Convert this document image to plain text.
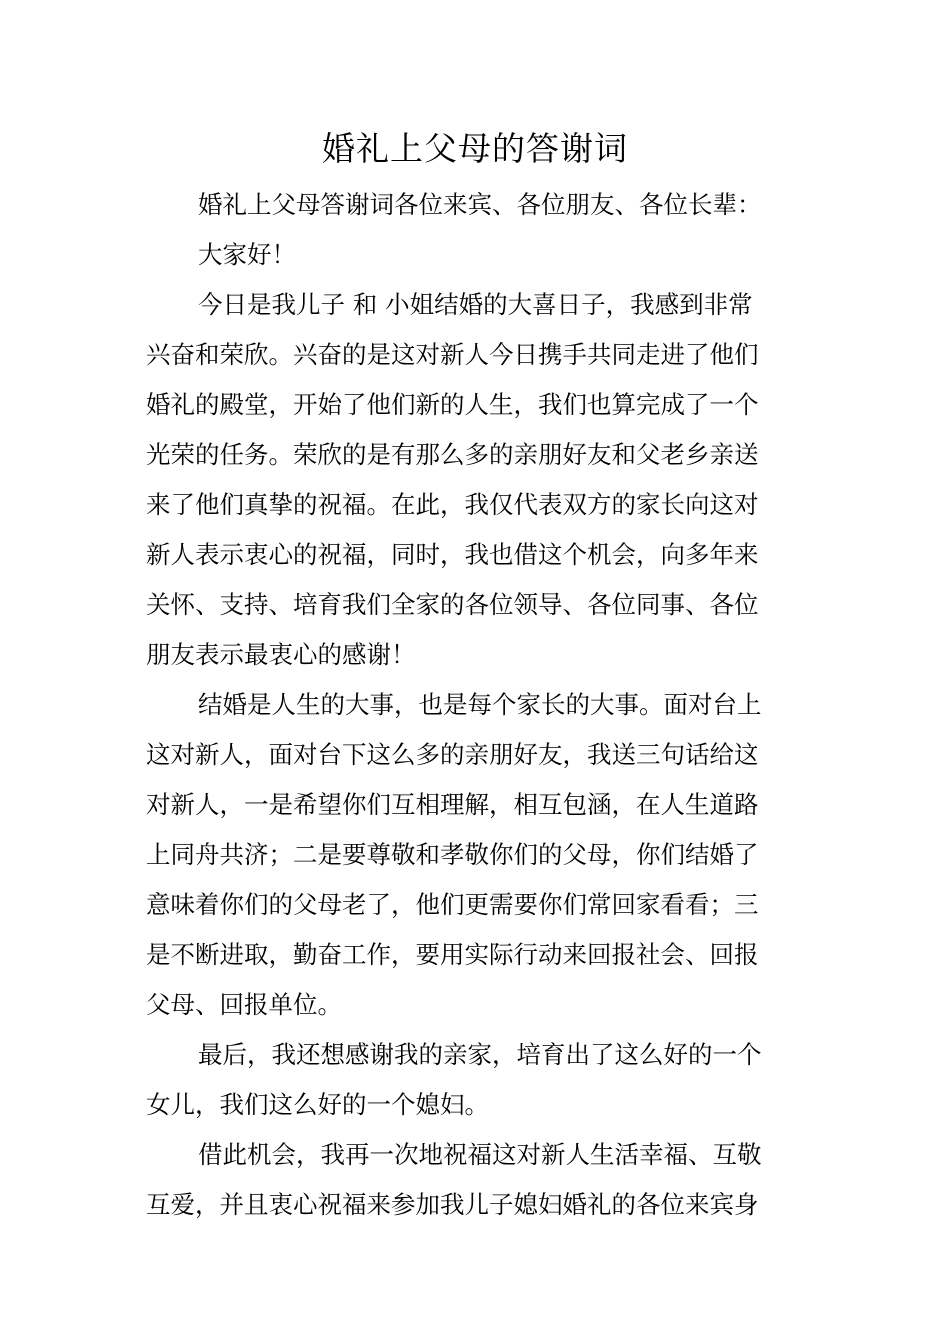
婚礼上父母的答谢词
婚礼上父母答谢词各位来宾、各位朋友、各位长辈：
大家好！
今日是我儿子 和 小姐结婚的大喜日子，我感到非常
兴奋和荣欣。兴奋的是这对新人今日携手共同走进了他们
婚礼的殿堂，开始了他们新的人生，我们也算完成了一个
光荣的任务。荣欣的是有那么多的亲朋好友和父老乡亲送
来了他们真挚的祝福。在此，我仅代表双方的家长向这对
新人表示衷心的祝福，同时，我也借这个机会，向多年来
关怀、支持、培育我们全家的各位领导、各位同事、各位
朋友表示最衷心的感谢！
结婚是人生的大事，也是每个家长的大事。面对台上
这对新人，面对台下这么多的亲朋好友，我送三句话给这
对新人，一是希望你们互相理解，相互包涵，在人生道路
上同舟共济；二是要尊敬和孝敬你们的父母，你们结婚了
意味着你们的父母老了，他们更需要你们常回家看看；三
是不断进取，勤奋工作，要用实际行动来回报社会、回报
父母、回报单位。
最后，我还想感谢我的亲家，培育出了这么好的一个
女儿，我们这么好的一个媳妇。
借此机会，我再一次地祝福这对新人生活幸福、互敬
互爱，并且衷心祝福来参加我儿子媳妇婚礼的各位来宾身
